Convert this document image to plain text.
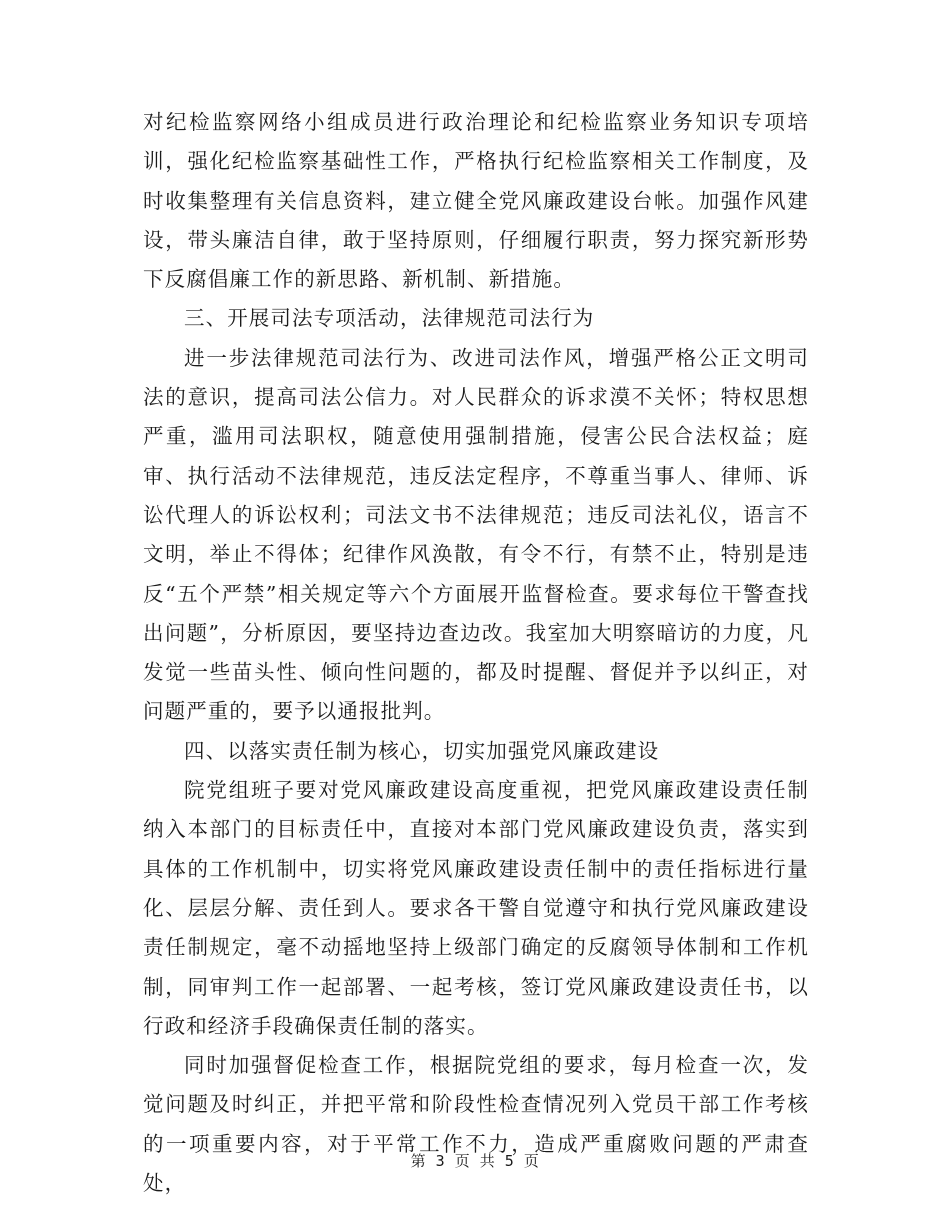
对纪检监察网络小组成员进行政治理论和纪检监察业务知识专项培训，强化纪检监察基础性工作，严格执行纪检监察相关工作制度，及时收集整理有关信息资料，建立健全党风廉政建设台帐。加强作风建设，带头廉洁自律，敢于坚持原则，仔细履行职责，努力探究新形势下反腐倡廉工作的新思路、新机制、新措施。

三、开展司法专项活动，法律规范司法行为

进一步法律规范司法行为、改进司法作风，增强严格公正文明司法的意识，提高司法公信力。对人民群众的诉求漠不关怀；特权思想严重，滥用司法职权，随意使用强制措施，侵害公民合法权益；庭审、执行活动不法律规范，违反法定程序，不尊重当事人、律师、诉讼代理人的诉讼权利；司法文书不法律规范；违反司法礼仪，语言不文明，举止不得体；纪律作风涣散，有令不行，有禁不止，特别是违反“五个严禁”相关规定等六个方面展开监督检查。要求每位干警查找出问题”，分析原因，要坚持边查边改。我室加大明察暗访的力度，凡发觉一些苗头性、倾向性问题的，都及时提醒、督促并予以纠正，对问题严重的，要予以通报批判。

四、以落实责任制为核心，切实加强党风廉政建设

院党组班子要对党风廉政建设高度重视，把党风廉政建设责任制纳入本部门的目标责任中，直接对本部门党风廉政建设负责，落实到具体的工作机制中，切实将党风廉政建设责任制中的责任指标进行量化、层层分解、责任到人。要求各干警自觉遵守和执行党风廉政建设责任制规定，毫不动摇地坚持上级部门确定的反腐领导体制和工作机制，同审判工作一起部署、一起考核，签订党风廉政建设责任书，以行政和经济手段确保责任制的落实。

同时加强督促检查工作，根据院党组的要求，每月检查一次，发觉问题及时纠正，并把平常和阶段性检查情况列入党员干部工作考核的一项重要内容，对于平常工作不力，造成严重腐败问题的严肃查处，

第 3 页 共 5 页
